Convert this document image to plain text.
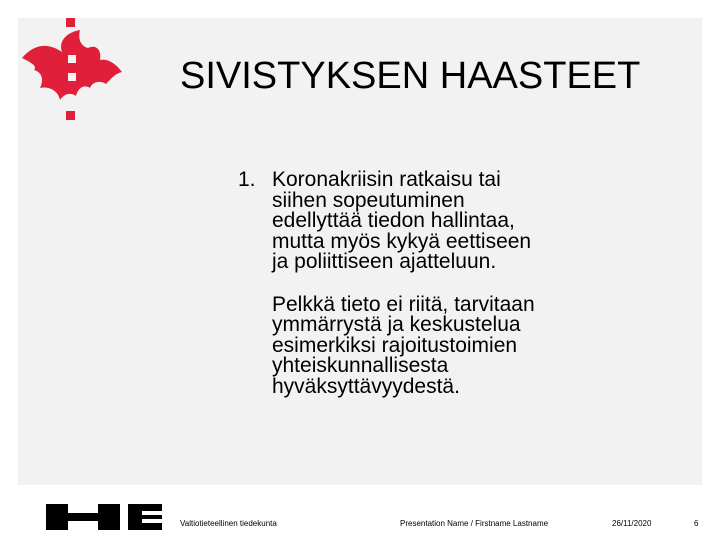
SIVISTYKSEN HAASTEET
1. Koronakriisin ratkaisu tai siihen sopeutuminen edellyttää tiedon hallintaa, mutta myös kykyä eettiseen ja poliittiseen ajatteluun.
Pelkkä tieto ei riitä, tarvitaan ymmärrystä ja keskustelua esimerkiksi rajoitustoimien yhteiskunnallisesta hyväksyttävyydestä.
Valtiotieteellinen tiedekunta	Presentation Name / Firstname Lastname	26/11/2020	6
